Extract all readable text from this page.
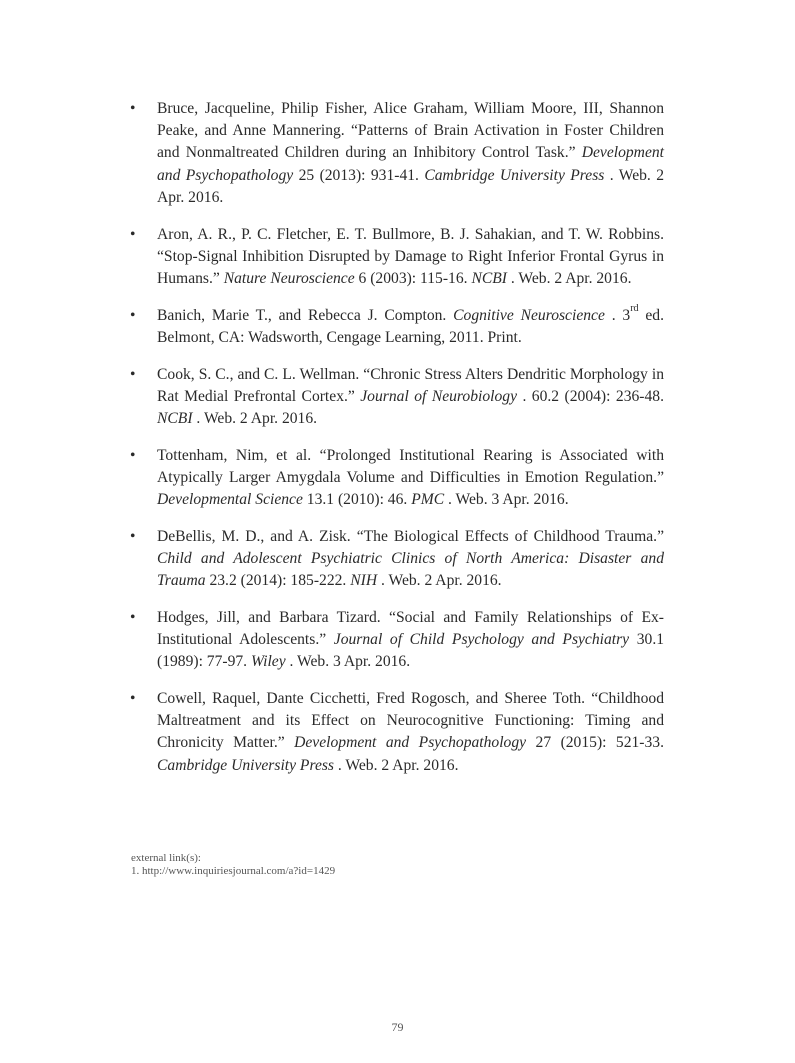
• Bruce, Jacqueline, Philip Fisher, Alice Graham, William Moore, III, Shannon Peake, and Anne Mannering. “Patterns of Brain Activation in Foster Children and Nonmaltreated Children during an Inhibitory Control Task.” Development and Psychopathology 25 (2013): 931-41. Cambridge University Press . Web. 2 Apr. 2016.
• Aron, A. R., P. C. Fletcher, E. T. Bullmore, B. J. Sahakian, and T. W. Robbins. “Stop-Signal Inhibition Disrupted by Damage to Right Inferior Frontal Gyrus in Humans.” Nature Neuroscience 6 (2003): 115-16. NCBI . Web. 2 Apr. 2016.
• Banich, Marie T., and Rebecca J. Compton. Cognitive Neuroscience . 3rd ed. Belmont, CA: Wadsworth, Cengage Learning, 2011. Print.
• Cook, S. C., and C. L. Wellman. “Chronic Stress Alters Dendritic Morphology in Rat Medial Prefrontal Cortex.” Journal of Neurobiology . 60.2 (2004): 236-48. NCBI . Web. 2 Apr. 2016.
• Tottenham, Nim, et al. “Prolonged Institutional Rearing is Associated with Atypically Larger Amygdala Volume and Difficulties in Emotion Regulation.” Developmental Science 13.1 (2010): 46. PMC . Web. 3 Apr. 2016.
• DeBellis, M. D., and A. Zisk. “The Biological Effects of Childhood Trauma.” Child and Adolescent Psychiatric Clinics of North America: Disaster and Trauma 23.2 (2014): 185-222. NIH . Web. 2 Apr. 2016.
• Hodges, Jill, and Barbara Tizard. “Social and Family Relationships of Ex-Institutional Adolescents.” Journal of Child Psychology and Psychiatry 30.1 (1989): 77-97. Wiley . Web. 3 Apr. 2016.
• Cowell, Raquel, Dante Cicchetti, Fred Rogosch, and Sheree Toth. “Childhood Maltreatment and its Effect on Neurocognitive Functioning: Timing and Chronicity Matter.” Development and Psychopathology 27 (2015): 521-33. Cambridge University Press . Web. 2 Apr. 2016.
external link(s):
1. http://www.inquiriesjournal.com/a?id=1429
79
